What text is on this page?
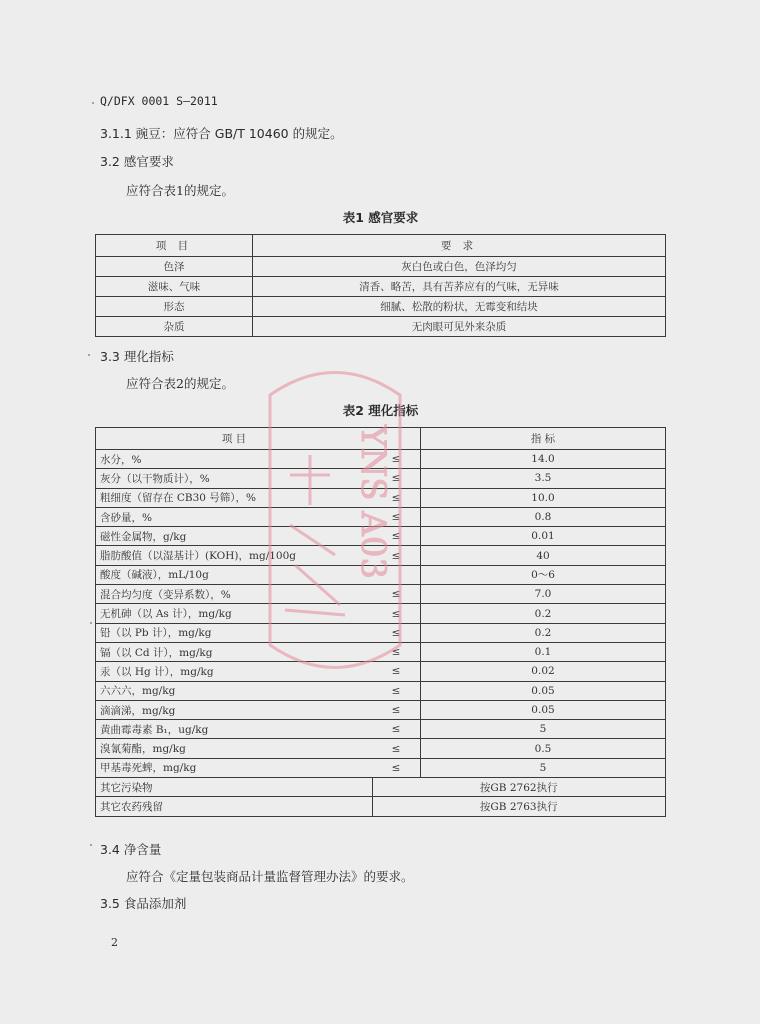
Q/DFX 0001 S—2011
3.1.1 豌豆：应符合 GB/T 10460 的规定。
3.2 感官要求
应符合表1的规定。
表1 感官要求
项 目	要 求
色泽	灰白色或白色，色泽均匀
滋味、气味	清香、略苦，具有苦荞应有的气味，无异味
形态	细腻、松散的粉状，无霉变和结块
杂质	无肉眼可见外来杂质
3.3 理化指标
应符合表2的规定。
表2 理化指标
项 目		指 标
水分，%	≤	14.0
灰分（以干物质计），%	≤	3.5
粗细度（留存在 CB30 号筛），%	≤	10.0
含砂量，%	≤	0.8
磁性金属物，g/kg	≤	0.01
脂肪酸值（以湿基计）(KOH)，mg/100g	≤	40
酸度（碱液），mL/10g		0～6
混合均匀度（变异系数），%	≤	7.0
无机砷（以 As 计），mg/kg	≤	0.2
铅（以 Pb 计），mg/kg	≤	0.2
镉（以 Cd 计），mg/kg	≤	0.1
汞（以 Hg 计），mg/kg	≤	0.02
六六六，mg/kg	≤	0.05
滴滴涕，mg/kg	≤	0.05
黄曲霉毒素 B₁，ug/kg	≤	5
溴氰菊酯，mg/kg	≤	0.5
甲基毒死蜱，mg/kg	≤	5
其它污染物	按GB 2762执行	
其它农药残留	按GB 2763执行	
3.4 净含量
应符合《定量包装商品计量监督管理办法》的要求。
3.5 食品添加剂
2
YNS A03
